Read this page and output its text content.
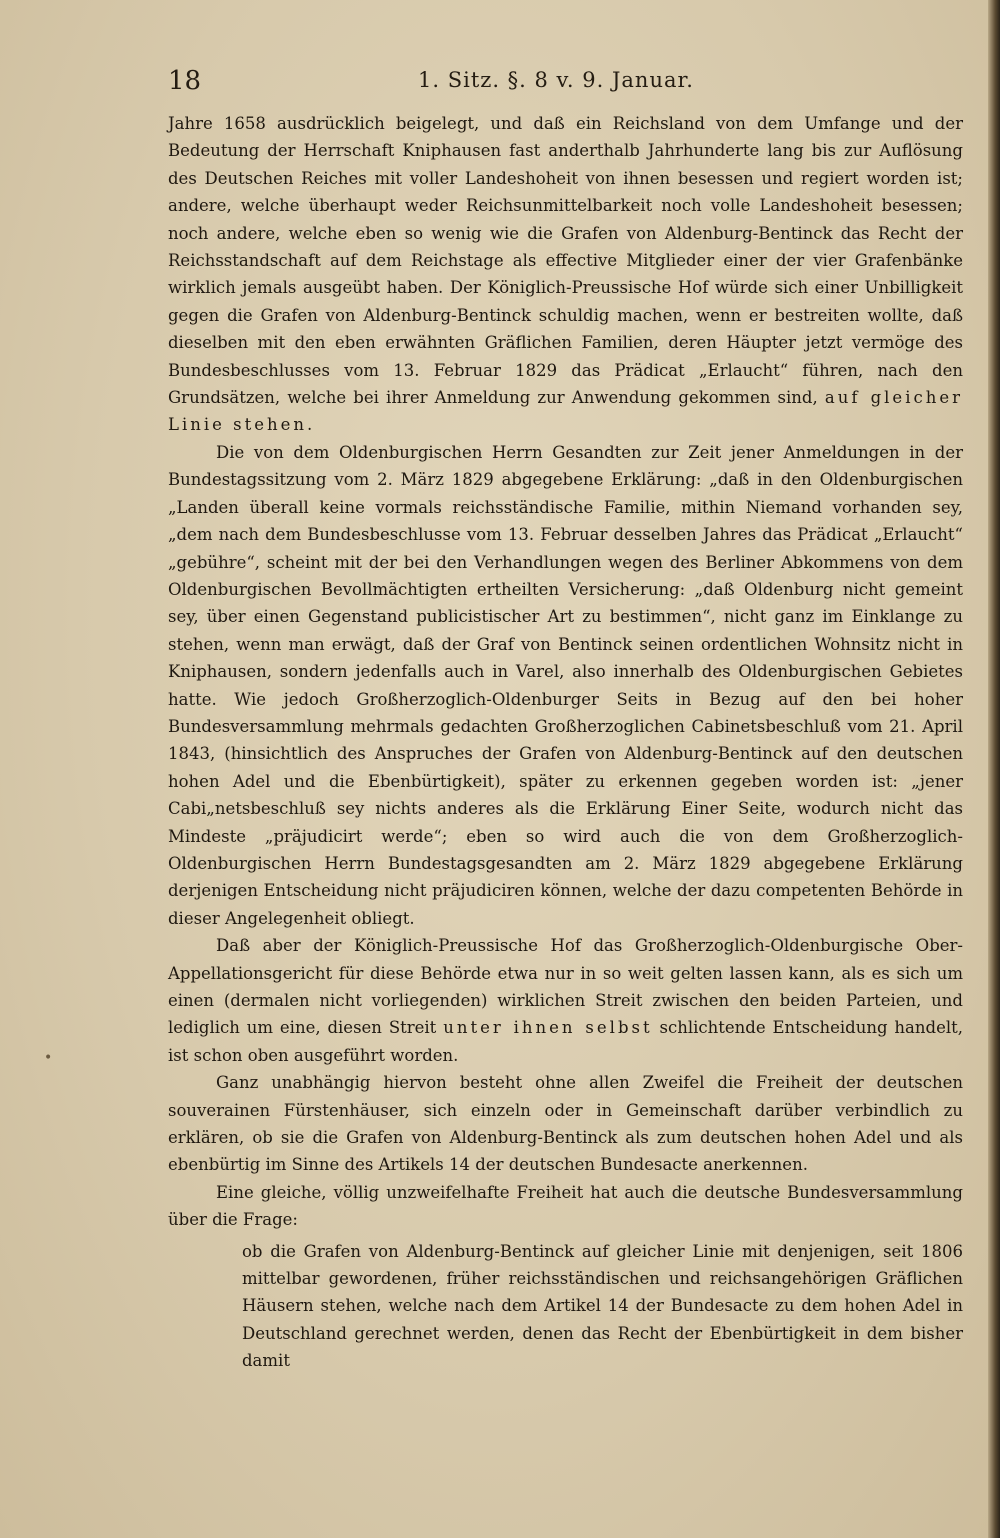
18	1. Sitz. §. 8 v. 9. Januar.

Jahre 1658 ausdrücklich beigelegt, und daß ein Reichsland von dem Umfange und der Bedeutung der Herrschaft Kniphausen fast anderthalb Jahrhunderte lang bis zur Auflösung des Deutschen Reiches mit voller Landeshoheit von ihnen besessen und regiert worden ist; andere, welche überhaupt weder Reichsunmittelbarkeit noch volle Landeshoheit besessen; noch andere, welche eben so wenig wie die Grafen von Aldenburg-Bentinck das Recht der Reichsstandschaft auf dem Reichstage als effective Mitglieder einer der vier Grafenbänke wirklich jemals ausgeübt haben. Der Königlich-Preussische Hof würde sich einer Unbilligkeit gegen die Grafen von Aldenburg-Bentinck schuldig machen, wenn er bestreiten wollte, daß dieselben mit den eben erwähnten Gräflichen Familien, deren Häupter jetzt vermöge des Bundesbeschlusses vom 13. Februar 1829 das Prädicat „Erlaucht“ führen, nach den Grundsätzen, welche bei ihrer Anmeldung zur Anwendung gekommen sind, auf gleicher Linie stehen.

Die von dem Oldenburgischen Herrn Gesandten zur Zeit jener Anmeldungen in der Bundestagssitzung vom 2. März 1829 abgegebene Erklärung: „daß in den Oldenburgischen „Landen überall keine vormals reichsständische Familie, mithin Niemand vorhanden sey, „dem nach dem Bundesbeschlusse vom 13. Februar desselben Jahres das Prädicat „Erlaucht“ „gebühre“, scheint mit der bei den Verhandlungen wegen des Berliner Abkommens von dem Oldenburgischen Bevollmächtigten ertheilten Versicherung: „daß Oldenburg nicht gemeint sey, über einen Gegenstand publicistischer Art zu bestimmen“, nicht ganz im Einklange zu stehen, wenn man erwägt, daß der Graf von Bentinck seinen ordentlichen Wohnsitz nicht in Kniphausen, sondern jedenfalls auch in Varel, also innerhalb des Oldenburgischen Gebietes hatte. Wie jedoch Großherzoglich-Oldenburger Seits in Bezug auf den bei hoher Bundesversammlung mehrmals gedachten Großherzoglichen Cabinetsbeschluß vom 21. April 1843, (hinsichtlich des Anspruches der Grafen von Aldenburg-Bentinck auf den deutschen hohen Adel und die Ebenbürtigkeit), später zu erkennen gegeben worden ist: „jener Cabi„netsbeschluß sey nichts anderes als die Erklärung Einer Seite, wodurch nicht das Mindeste „präjudicirt werde“; eben so wird auch die von dem Großherzoglich-Oldenburgischen Herrn Bundestagsgesandten am 2. März 1829 abgegebene Erklärung derjenigen Entscheidung nicht präjudiciren können, welche der dazu competenten Behörde in dieser Angelegenheit obliegt.

Daß aber der Königlich-Preussische Hof das Großherzoglich-Oldenburgische Ober-Appellationsgericht für diese Behörde etwa nur in so weit gelten lassen kann, als es sich um einen (dermalen nicht vorliegenden) wirklichen Streit zwischen den beiden Parteien, und lediglich um eine, diesen Streit unter ihnen selbst schlichtende Entscheidung handelt, ist schon oben ausgeführt worden.

Ganz unabhängig hiervon besteht ohne allen Zweifel die Freiheit der deutschen souverainen Fürstenhäuser, sich einzeln oder in Gemeinschaft darüber verbindlich zu erklären, ob sie die Grafen von Aldenburg-Bentinck als zum deutschen hohen Adel und als ebenbürtig im Sinne des Artikels 14 der deutschen Bundesacte anerkennen.

Eine gleiche, völlig unzweifelhafte Freiheit hat auch die deutsche Bundesversammlung über die Frage:

ob die Grafen von Aldenburg-Bentinck auf gleicher Linie mit denjenigen, seit 1806 mittelbar gewordenen, früher reichsständischen und reichsangehörigen Gräflichen Häusern stehen, welche nach dem Artikel 14 der Bundesacte zu dem hohen Adel in Deutschland gerechnet werden, denen das Recht der Ebenbürtigkeit in dem bisher damit

•
